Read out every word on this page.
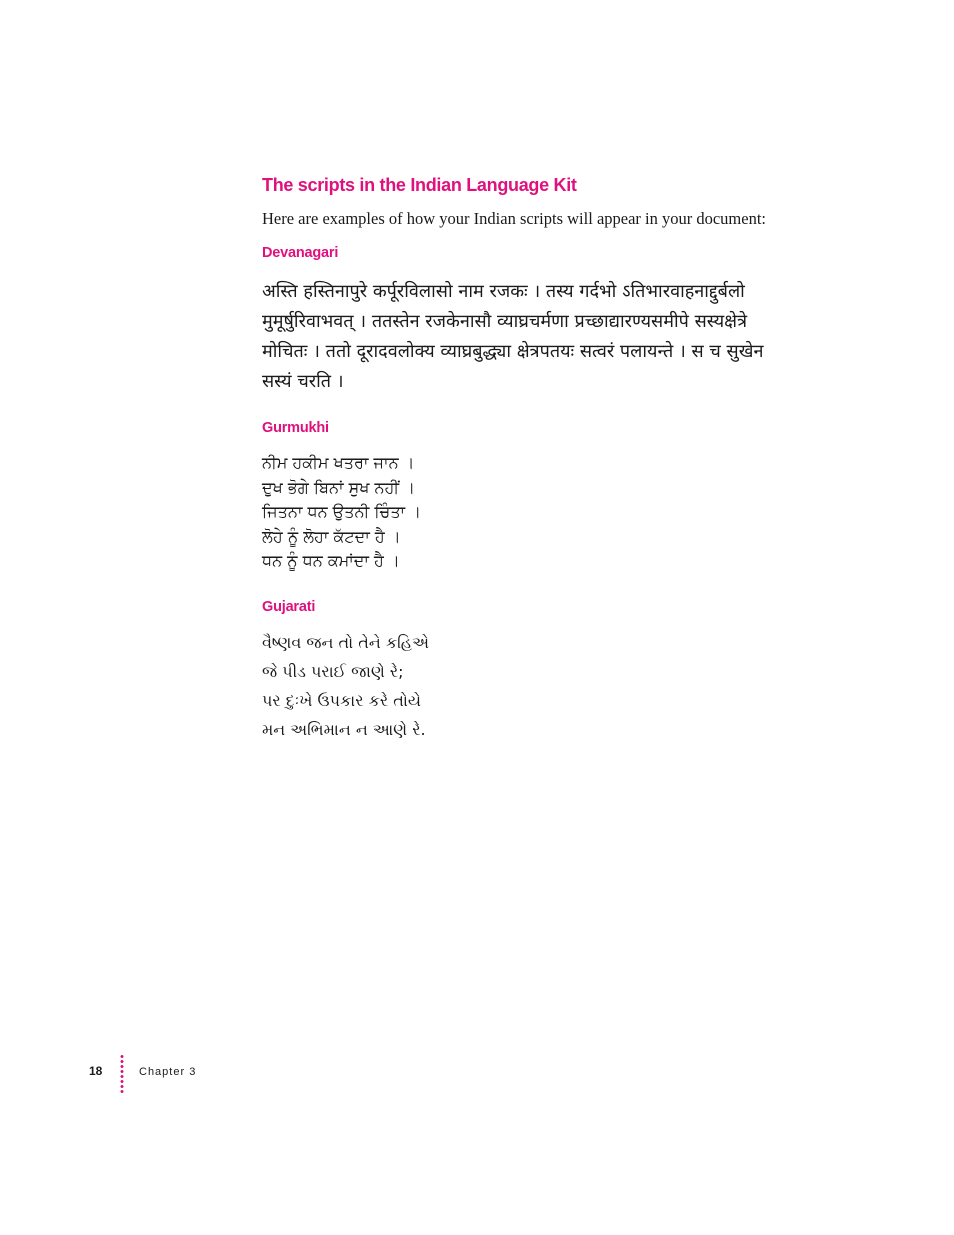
The scripts in the Indian Language Kit

Here are examples of how your Indian scripts will appear in your document:

Devanagari
अस्ति हस्तिनापुरे कर्पूरविलासो नाम रजकः । तस्य गर्दभो ऽतिभारवाहनाद्दुर्बलो
मुमूर्षुरिवाभवत् । ततस्तेन रजकेनासौ व्याघ्रचर्मणा प्रच्छाद्यारण्यसमीपे सस्यक्षेत्रे
मोचितः । ततो दूरादवलोक्य व्याघ्रबुद्ध्या क्षेत्रपतयः सत्वरं पलायन्ते । स च सुखेन
सस्यं चरति ।
Gurmukhi
ਨੀਮ ਹਕੀਮ ਖਤਰਾ ਜਾਨ ।
ਦੁਖ ਭੋਗੇ ਬਿਨਾਂ ਸੁਖ ਨਹੀਂ ।
ਜਿਤਨਾ ਧਨ ਉਤਨੀ ਚਿੰਤਾ ।
ਲੋਹੇ ਨੂੰ ਲੋਹਾ ਕੱਟਦਾ ਹੈ ।
ਧਨ ਨੂੰ ਧਨ ਕਮਾਂਦਾ ਹੈ ।
Gujarati
વૈષ્ણવ જન તો તેને કહિએ
જે પીડ પરાઈ જાણે રે;
પર દુઃખે ઉપકાર કરે તોયે
મન અભિમાન ન આણે રે.
18	Chapter 3
